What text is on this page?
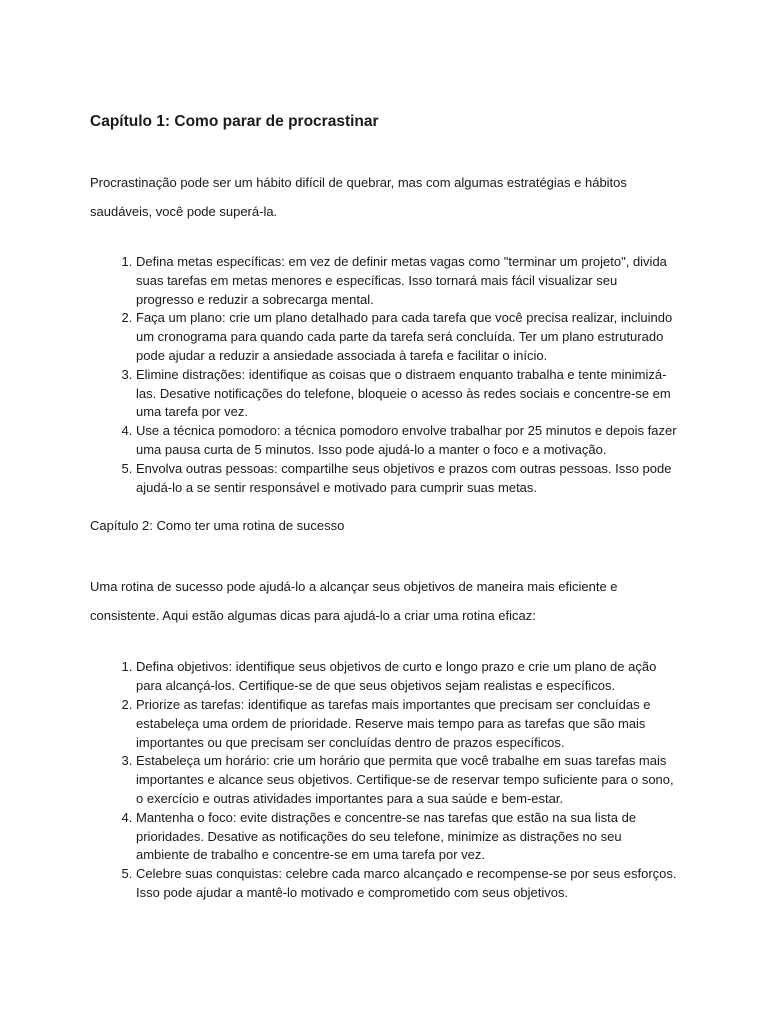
Capítulo 1: Como parar de procrastinar

Procrastinação pode ser um hábito difícil de quebrar, mas com algumas estratégias e hábitos saudáveis, você pode superá-la.

1. Defina metas específicas: em vez de definir metas vagas como "terminar um projeto", divida suas tarefas em metas menores e específicas. Isso tornará mais fácil visualizar seu progresso e reduzir a sobrecarga mental.
2. Faça um plano: crie um plano detalhado para cada tarefa que você precisa realizar, incluindo um cronograma para quando cada parte da tarefa será concluída. Ter um plano estruturado pode ajudar a reduzir a ansiedade associada à tarefa e facilitar o início.
3. Elimine distrações: identifique as coisas que o distraem enquanto trabalha e tente minimizá-las. Desative notificações do telefone, bloqueie o acesso às redes sociais e concentre-se em uma tarefa por vez.
4. Use a técnica pomodoro: a técnica pomodoro envolve trabalhar por 25 minutos e depois fazer uma pausa curta de 5 minutos. Isso pode ajudá-lo a manter o foco e a motivação.
5. Envolva outras pessoas: compartilhe seus objetivos e prazos com outras pessoas. Isso pode ajudá-lo a se sentir responsável e motivado para cumprir suas metas.
Capítulo 2: Como ter uma rotina de sucesso

Uma rotina de sucesso pode ajudá-lo a alcançar seus objetivos de maneira mais eficiente e consistente. Aqui estão algumas dicas para ajudá-lo a criar uma rotina eficaz:

1. Defina objetivos: identifique seus objetivos de curto e longo prazo e crie um plano de ação para alcançá-los. Certifique-se de que seus objetivos sejam realistas e específicos.
2. Priorize as tarefas: identifique as tarefas mais importantes que precisam ser concluídas e estabeleça uma ordem de prioridade. Reserve mais tempo para as tarefas que são mais importantes ou que precisam ser concluídas dentro de prazos específicos.
3. Estabeleça um horário: crie um horário que permita que você trabalhe em suas tarefas mais importantes e alcance seus objetivos. Certifique-se de reservar tempo suficiente para o sono, o exercício e outras atividades importantes para a sua saúde e bem-estar.
4. Mantenha o foco: evite distrações e concentre-se nas tarefas que estão na sua lista de prioridades. Desative as notificações do seu telefone, minimize as distrações no seu ambiente de trabalho e concentre-se em uma tarefa por vez.
5. Celebre suas conquistas: celebre cada marco alcançado e recompense-se por seus esforços. Isso pode ajudar a mantê-lo motivado e comprometido com seus objetivos.
